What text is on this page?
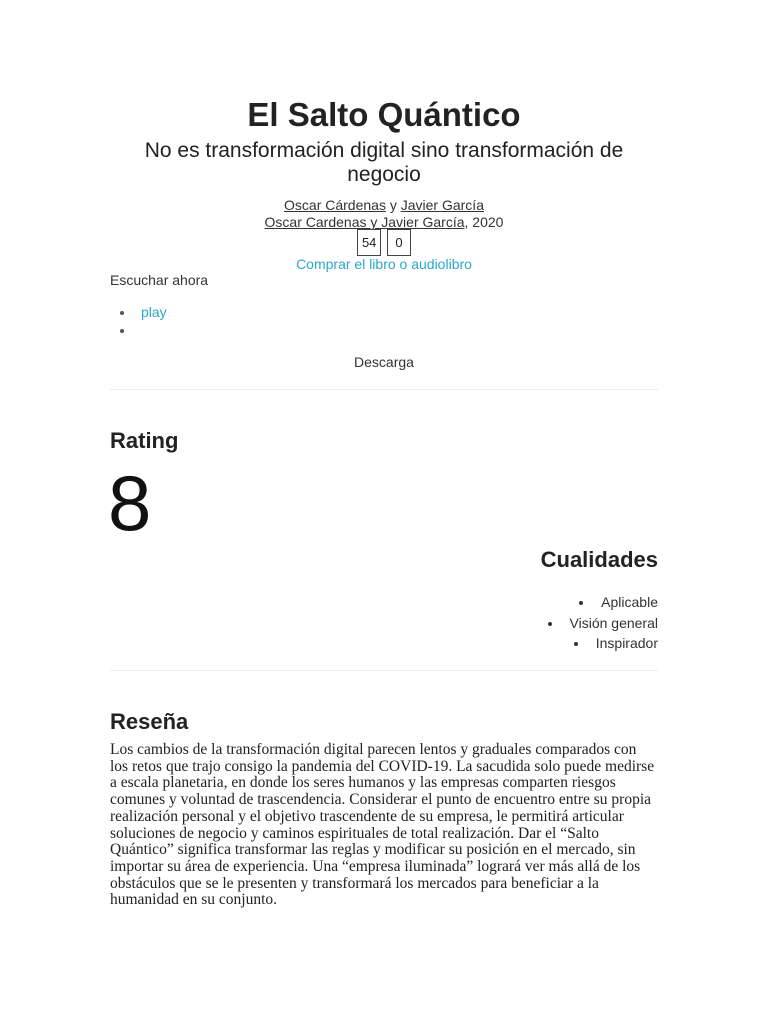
El Salto Quántico
No es transformación digital sino transformación de negocio
Oscar Cárdenas y Javier García
Oscar Cardenas y Javier García, 2020
54 0
Comprar el libro o audiolibro
Escuchar ahora
play
Descarga
Rating
8
Cualidades
Aplicable
Visión general
Inspirador
Reseña

Los cambios de la transformación digital parecen lentos y graduales comparados con los retos que trajo consigo la pandemia del COVID-19. La sacudida solo puede medirse a escala planetaria, en donde los seres humanos y las empresas comparten riesgos comunes y voluntad de trascendencia. Considerar el punto de encuentro entre su propia realización personal y el objetivo trascendente de su empresa, le permitirá articular soluciones de negocio y caminos espirituales de total realización. Dar el “Salto Quántico” significa transformar las reglas y modificar su posición en el mercado, sin importar su área de experiencia. Una “empresa iluminada” logrará ver más allá de los obstáculos que se le presenten y transformará los mercados para beneficiar a la humanidad en su conjunto.
